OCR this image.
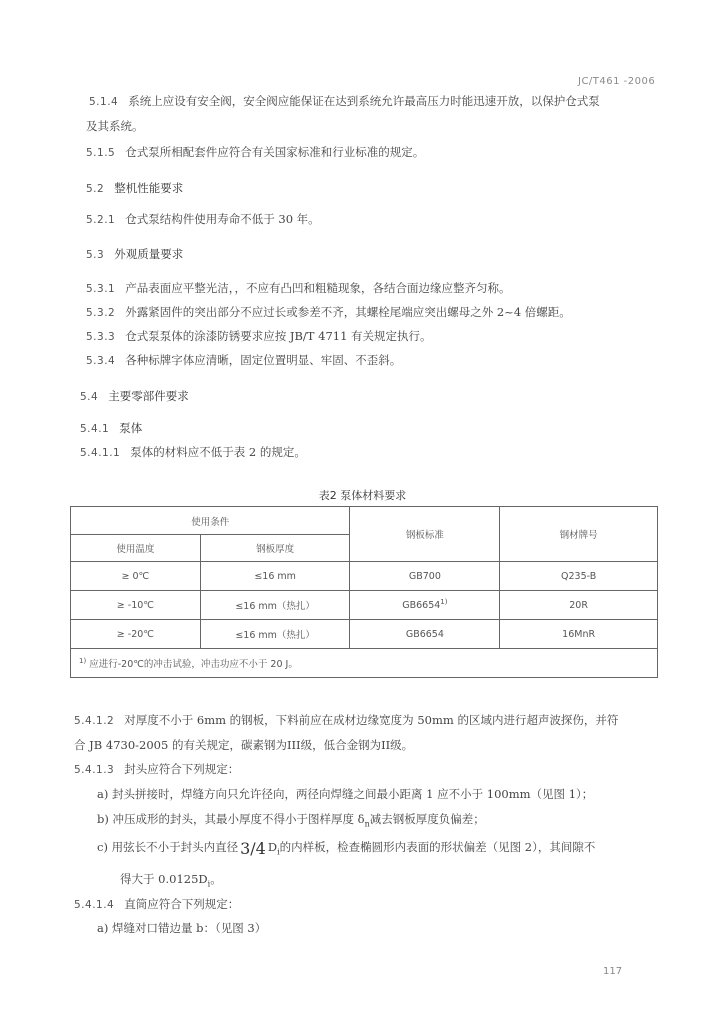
JC/T461 -2006
5.1.4 系统上应设有安全阀，安全阀应能保证在达到系统允许最高压力时能迅速开放，以保护仓式泵
及其系统。
5.1.5 仓式泵所相配套件应符合有关国家标准和行业标准的规定。
5.2 整机性能要求
5.2.1 仓式泵结构件使用寿命不低于 30 年。
5.3 外观质量要求
5.3.1 产品表面应平整光洁，，不应有凸凹和粗糙现象，各结合面边缘应整齐匀称。
5.3.2 外露紧固件的突出部分不应过长或参差不齐，其螺栓尾端应突出螺母之外 2~4 倍螺距。
5.3.3 仓式泵泵体的涂漆防锈要求应按 JB/T 4711 有关规定执行。
5.3.4 各种标牌字体应清晰，固定位置明显、牢固、不歪斜。
5.4 主要零部件要求
5.4.1 泵体
5.4.1.1 泵体的材料应不低于表 2 的规定。
表2 泵体材料要求
使用条件		钢板标准	钢材牌号
使用温度	钢板厚度		
≥ 0℃	≤16 mm	GB700	Q235-B
≥ -10℃	≤16 mm（热扎）	GB6654$^{1)}$	20R
≥ -20℃	≤16 mm（热扎）	GB6654	16MnR
$^{1)}$ 应进行-20℃的冲击试验，冲击功应不小于 20 J。			
5.4.1.2 对厚度不小于 6mm 的钢板，下料前应在成材边缘宽度为 50mm 的区域内进行超声波探伤，并符
合 JB 4730-2005 的有关规定，碳素钢为III级，低合金钢为II级。
5.4.1.3 封头应符合下列规定：
a) 封头拼接时，焊缝方向只允许径向，两径向焊缝之间最小距离 1 应不小于 100mm（见图 1）；
b) 冲压成形的封头，其最小厚度不得小于图样厚度 $\delta_n$减去钢板厚度负偏差；
c) 用弦长不小于封头内直径 3/4 $D_i$的内样板，检查椭圆形内表面的形状偏差（见图 2），其间隙不
得大于 $0.0125D_i$。
5.4.1.4 直筒应符合下列规定：
a) 焊缝对口错边量 b：（见图 3）
117
